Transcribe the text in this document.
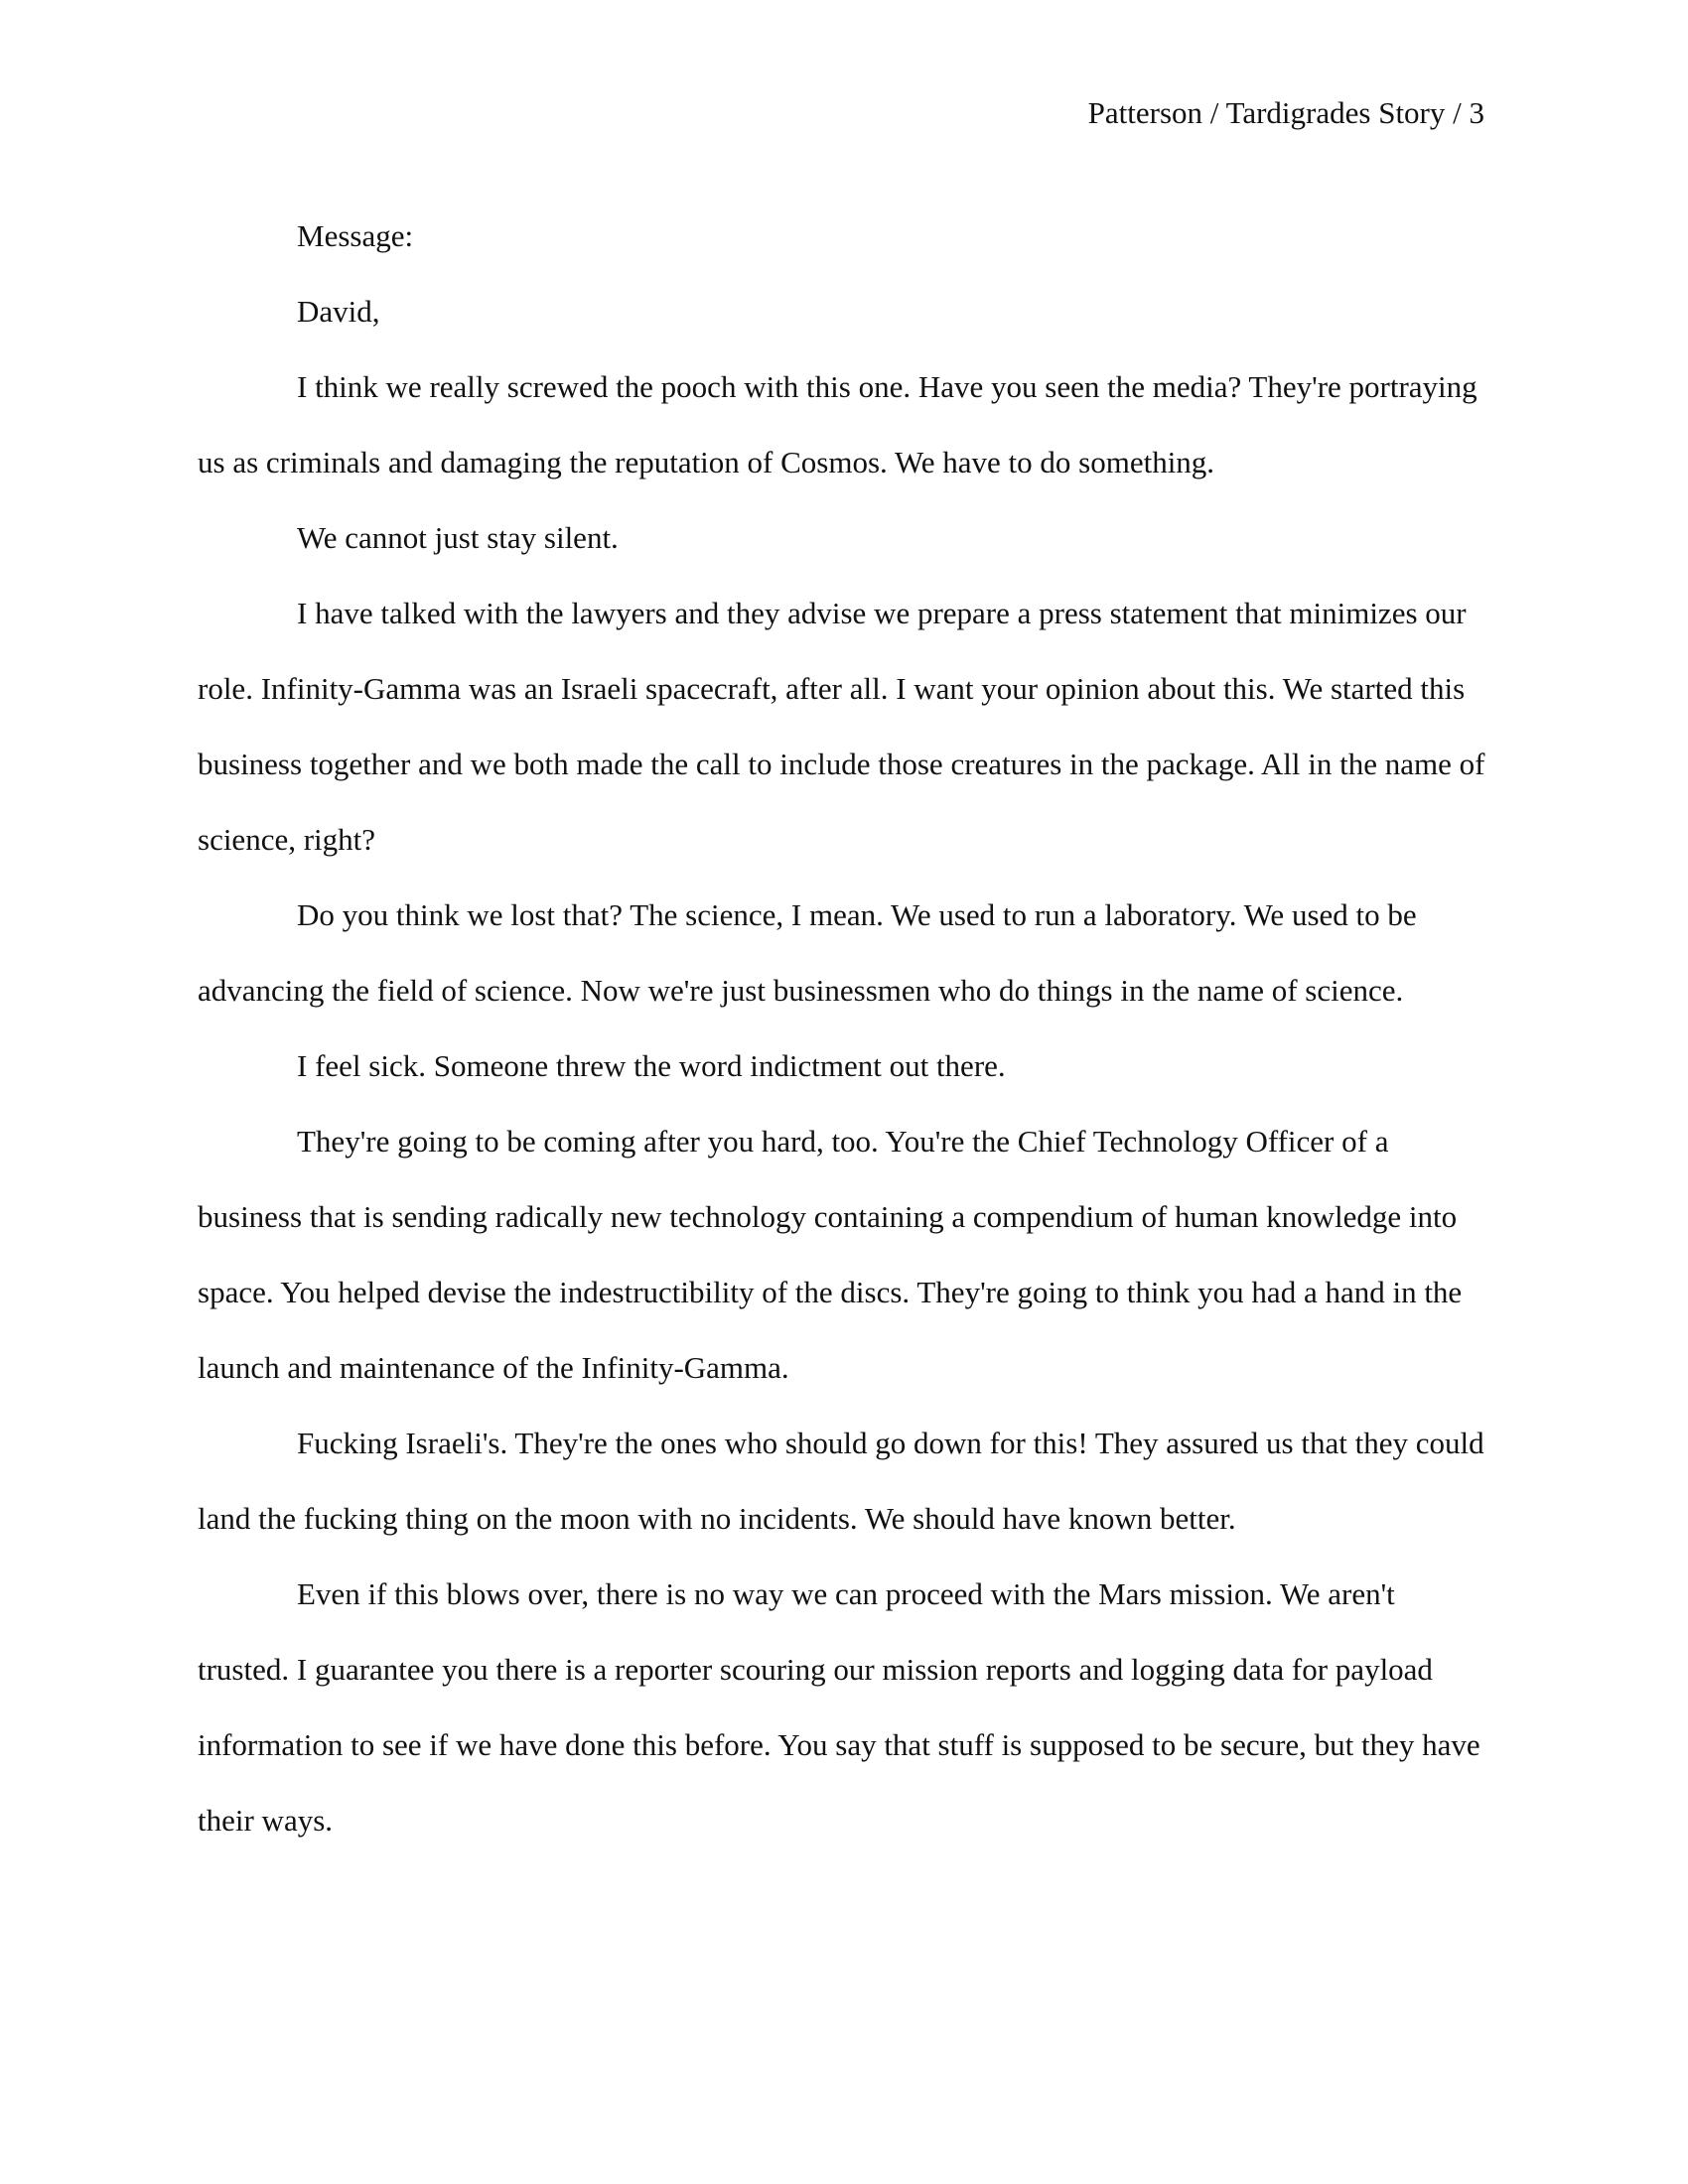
Patterson / Tardigrades Story / 3

Message:

David,

I think we really screwed the pooch with this one. Have you seen the media? They're portraying us as criminals and damaging the reputation of Cosmos. We have to do something.

We cannot just stay silent.

I have talked with the lawyers and they advise we prepare a press statement that minimizes our role. Infinity-Gamma was an Israeli spacecraft, after all. I want your opinion about this. We started this business together and we both made the call to include those creatures in the package. All in the name of science, right?

Do you think we lost that? The science, I mean. We used to run a laboratory. We used to be advancing the field of science. Now we're just businessmen who do things in the name of science.

I feel sick. Someone threw the word indictment out there.

They're going to be coming after you hard, too. You're the Chief Technology Officer of a business that is sending radically new technology containing a compendium of human knowledge into space. You helped devise the indestructibility of the discs. They're going to think you had a hand in the launch and maintenance of the Infinity-Gamma.

Fucking Israeli's. They're the ones who should go down for this! They assured us that they could land the fucking thing on the moon with no incidents. We should have known better.

Even if this blows over, there is no way we can proceed with the Mars mission. We aren't trusted. I guarantee you there is a reporter scouring our mission reports and logging data for payload information to see if we have done this before. You say that stuff is supposed to be secure, but they have their ways.
